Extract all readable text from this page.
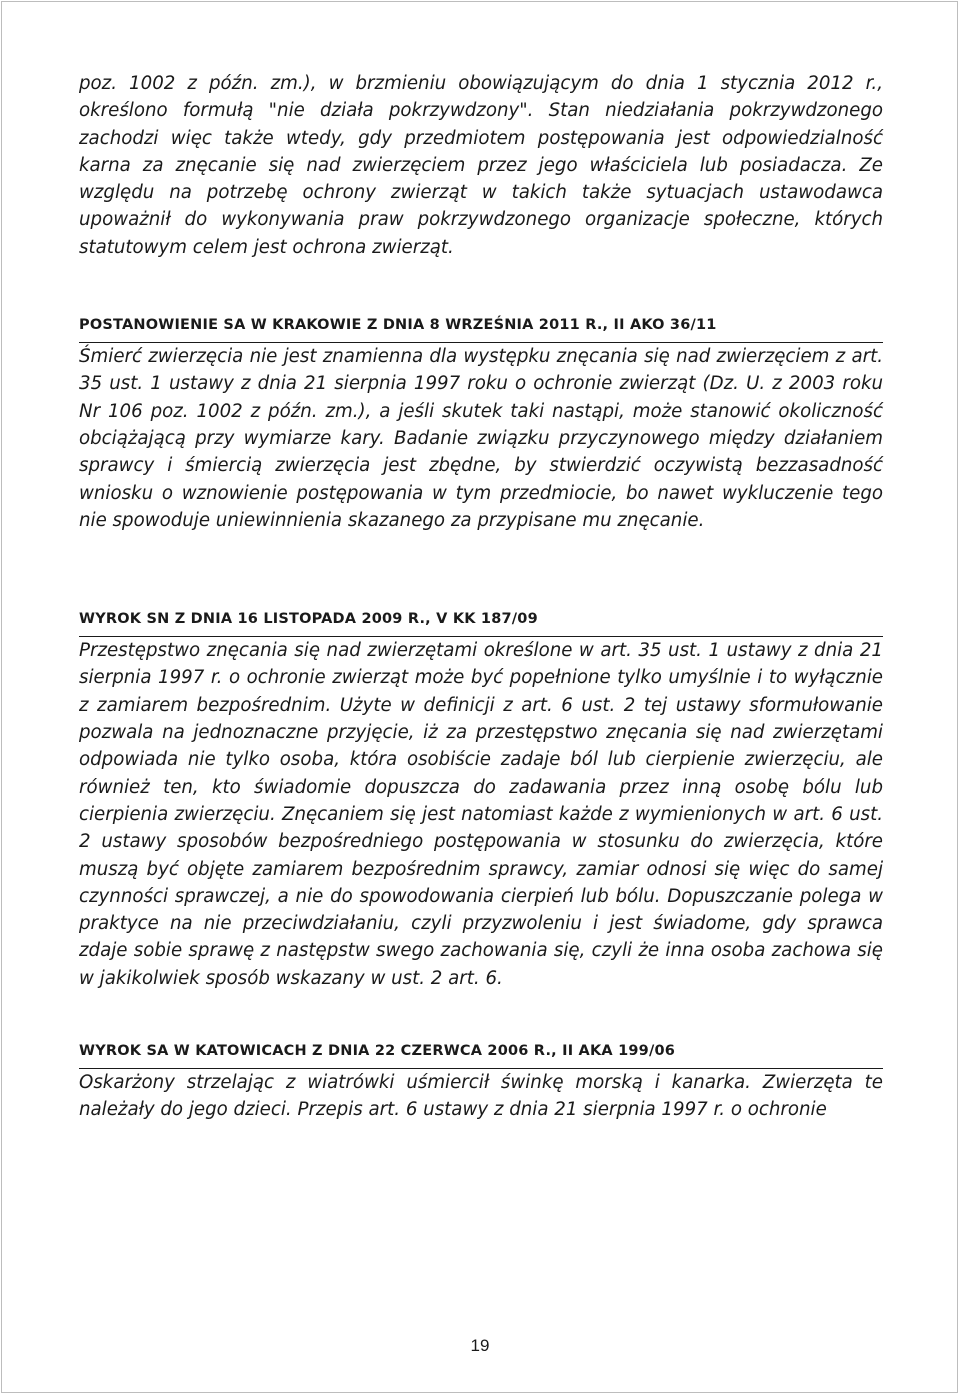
poz. 1002 z późn. zm.), w brzmieniu obowiązującym do dnia 1 stycznia 2012 r., określono formułą "nie działa pokrzywdzony". Stan niedziałania pokrzywdzonego zachodzi więc także wtedy, gdy przedmiotem postępowania jest odpowiedzialność karna za znęcanie się nad zwierzęciem przez jego właściciela lub posiadacza. Ze względu na potrzebę ochrony zwierząt w takich także sytuacjach ustawodawca upoważnił do wykonywania praw pokrzywdzonego organizacje społeczne, których statutowym celem jest ochrona zwierząt.

POSTANOWIENIE SA W KRAKOWIE Z DNIA 8 WRZEŚNIA 2011 R., II AKO 36/11

Śmierć zwierzęcia nie jest znamienna dla występku znęcania się nad zwierzęciem z art. 35 ust. 1 ustawy z dnia 21 sierpnia 1997 roku o ochronie zwierząt (Dz. U. z 2003 roku Nr 106 poz. 1002 z późn. zm.), a jeśli skutek taki nastąpi, może stanowić okoliczność obciążającą przy wymiarze kary. Badanie związku przyczynowego między działaniem sprawcy i śmiercią zwierzęcia jest zbędne, by stwierdzić oczywistą bezzasadność wniosku o wznowienie postępowania w tym przedmiocie, bo nawet wykluczenie tego nie spowoduje uniewinnienia skazanego za przypisane mu znęcanie.

WYROK SN Z DNIA 16 LISTOPADA 2009 R., V KK 187/09

Przestępstwo znęcania się nad zwierzętami określone w art. 35 ust. 1 ustawy z dnia 21 sierpnia 1997 r. o ochronie zwierząt może być popełnione tylko umyślnie i to wyłącznie z zamiarem bezpośrednim. Użyte w definicji z art. 6 ust. 2 tej ustawy sformułowanie pozwala na jednoznaczne przyjęcie, iż za przestępstwo znęcania się nad zwierzętami odpowiada nie tylko osoba, która osobiście zadaje ból lub cierpienie zwierzęciu, ale również ten, kto świadomie dopuszcza do zadawania przez inną osobę bólu lub cierpienia zwierzęciu. Znęcaniem się jest natomiast każde z wymienionych w art. 6 ust. 2 ustawy sposobów bezpośredniego postępowania w stosunku do zwierzęcia, które muszą być objęte zamiarem bezpośrednim sprawcy, zamiar odnosi się więc do samej czynności sprawczej, a nie do spowodowania cierpień lub bólu. Dopuszczanie polega w praktyce na nie przeciwdziałaniu, czyli przyzwoleniu i jest świadome, gdy sprawca zdaje sobie sprawę z następstw swego zachowania się, czyli że inna osoba zachowa się w jakikolwiek sposób wskazany w ust. 2 art. 6.

WYROK SA W KATOWICACH Z DNIA 22 CZERWCA 2006 R., II AKA 199/06

Oskarżony strzelając z wiatrówki uśmiercił świnkę morską i kanarka. Zwierzęta te należały do jego dzieci. Przepis art. 6 ustawy z dnia 21 sierpnia 1997 r. o ochronie

19
